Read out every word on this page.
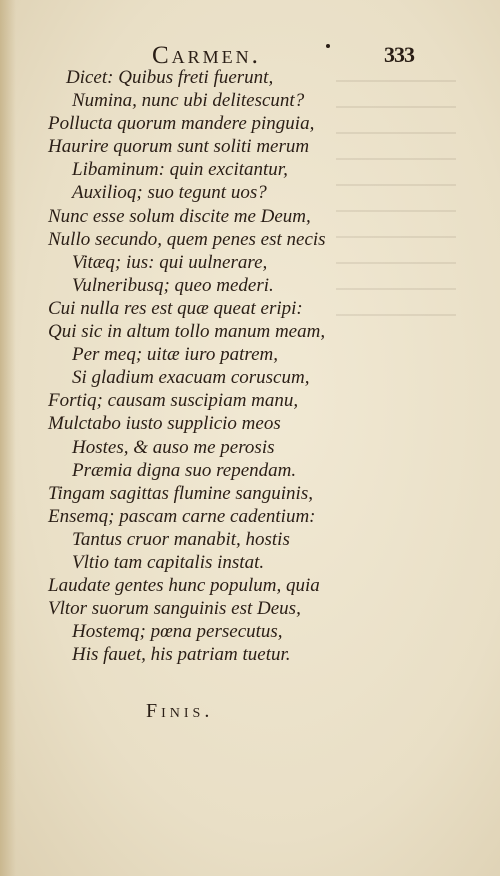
Carmen.	333
Dicet: Quibus freti fuerunt,
Numina, nunc ubi delitescunt?
Polluсta quorum mandere pinguia,
Haurire quorum sunt soliti merum
Libaminum: quin excitantur,
Auxilioq; suo tegunt uos?
Nunc esse solum discite me Deum,
Nullo secundo, quem penes est necis
Vitæq; ius: qui uulnerare,
Vulneribusq; queo mederi.
Cui nulla res est quæ queat eripi:
Qui sic in altum tollo manum meam,
Per meq; uitæ iuro patrem,
Si gladium exacuam coruscum,
Fortiq; causam suscipiam manu,
Mulctabo iusto supplicio meos
Hostes, & auso me perosis
Præmia digna suo rependam.
Tingam sagittas flumine sanguinis,
Ensemq; pascam carne cadentium:
Tantus cruor manabit, hostis
Vltio tam capitalis instat.
Laudate gentes hunc populum, quia
Vltor suorum sanguinis est Deus,
Hostemq; pœna persecutus,
His fauet, his patriam tuetur.
Finis.
